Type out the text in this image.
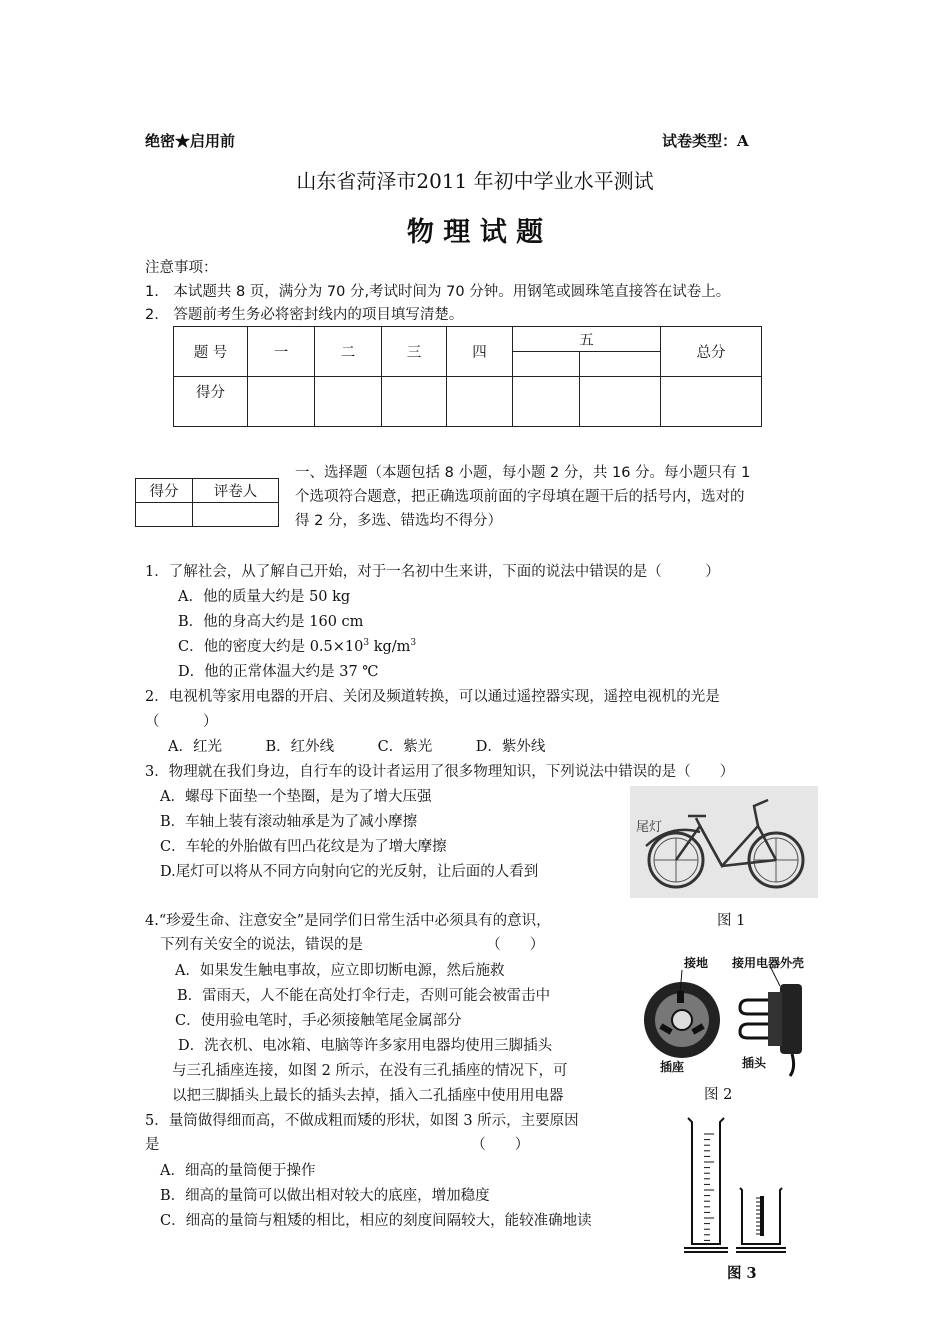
绝密★启用前	试卷类型：A
山东省菏泽市2011 年初中学业水平测试
物 理 试 题
注意事项：
1.　本试题共 8 页，满分为 70 分,考试时间为 70 分钟。用钢笔或圆珠笔直接答在试卷上。
2.　答题前考生务必将密封线内的项目填写清楚。
题 号	一	二	三	四	五		总分

得分							
得分	评卷人

一、选择题（本题包括 8 小题，每小题 2 分，共 16 分。每小题只有 1
个选项符合题意，把正确选项前面的字母填在题干后的括号内，选对的
得 2 分，多选、错选均不得分）
1．了解社会，从了解自己开始，对于一名初中生来讲，下面的说法中错误的是（　　　）
A．他的质量大约是 50 kg
B．他的身高大约是 160 cm
C．他的密度大约是 $0.5\times 10^3$ $kg/m^3$
D．他的正常体温大约是 37 ℃
2．电视机等家用电器的开启、关闭及频道转换，可以通过遥控器实现，遥控电视机的光是
（　　　）
A．红光　　　B．红外线　　　C．紫光　　　D．紫外线
3．物理就在我们身边，自行车的设计者运用了很多物理知识，下列说法中错误的是（　　）
A．螺母下面垫一个垫圈，是为了增大压强
B．车轴上装有滚动轴承是为了减小摩擦
C．车轮的外胎做有凹凸花纹是为了增大摩擦
D.尾灯可以将从不同方向射向它的光反射，让后面的人看到
尾灯
4.“珍爱生命、注意安全”是同学们日常生活中必须具有的意识，	图 1
下列有关安全的说法，错误的是　　　　　　　　　（　　）
A．如果发生触电事故，应立即切断电源，然后施救
B．雷雨天，人不能在高处打伞行走，否则可能会被雷击中
C．使用验电笔时，手必须接触笔尾金属部分
D．洗衣机、电冰箱、电脑等许多家用电器均使用三脚插头
与三孔插座连接，如图 2 所示，在没有三孔插座的情况下，可
以把三脚插头上最长的插头去掉，插入二孔插座中使用用电器
接地 接用电器外壳
插座	插头
图 2
5．量筒做得细而高，不做成粗而矮的形状，如图 3 所示，主要原因
是　　　　　　　　　　　　　　　　　　　　　　（　　）
A．细高的量筒便于操作
B．细高的量筒可以做出相对较大的底座，增加稳度
C．细高的量筒与粗矮的相比，相应的刻度间隔较大，能较准确地读
图 3
